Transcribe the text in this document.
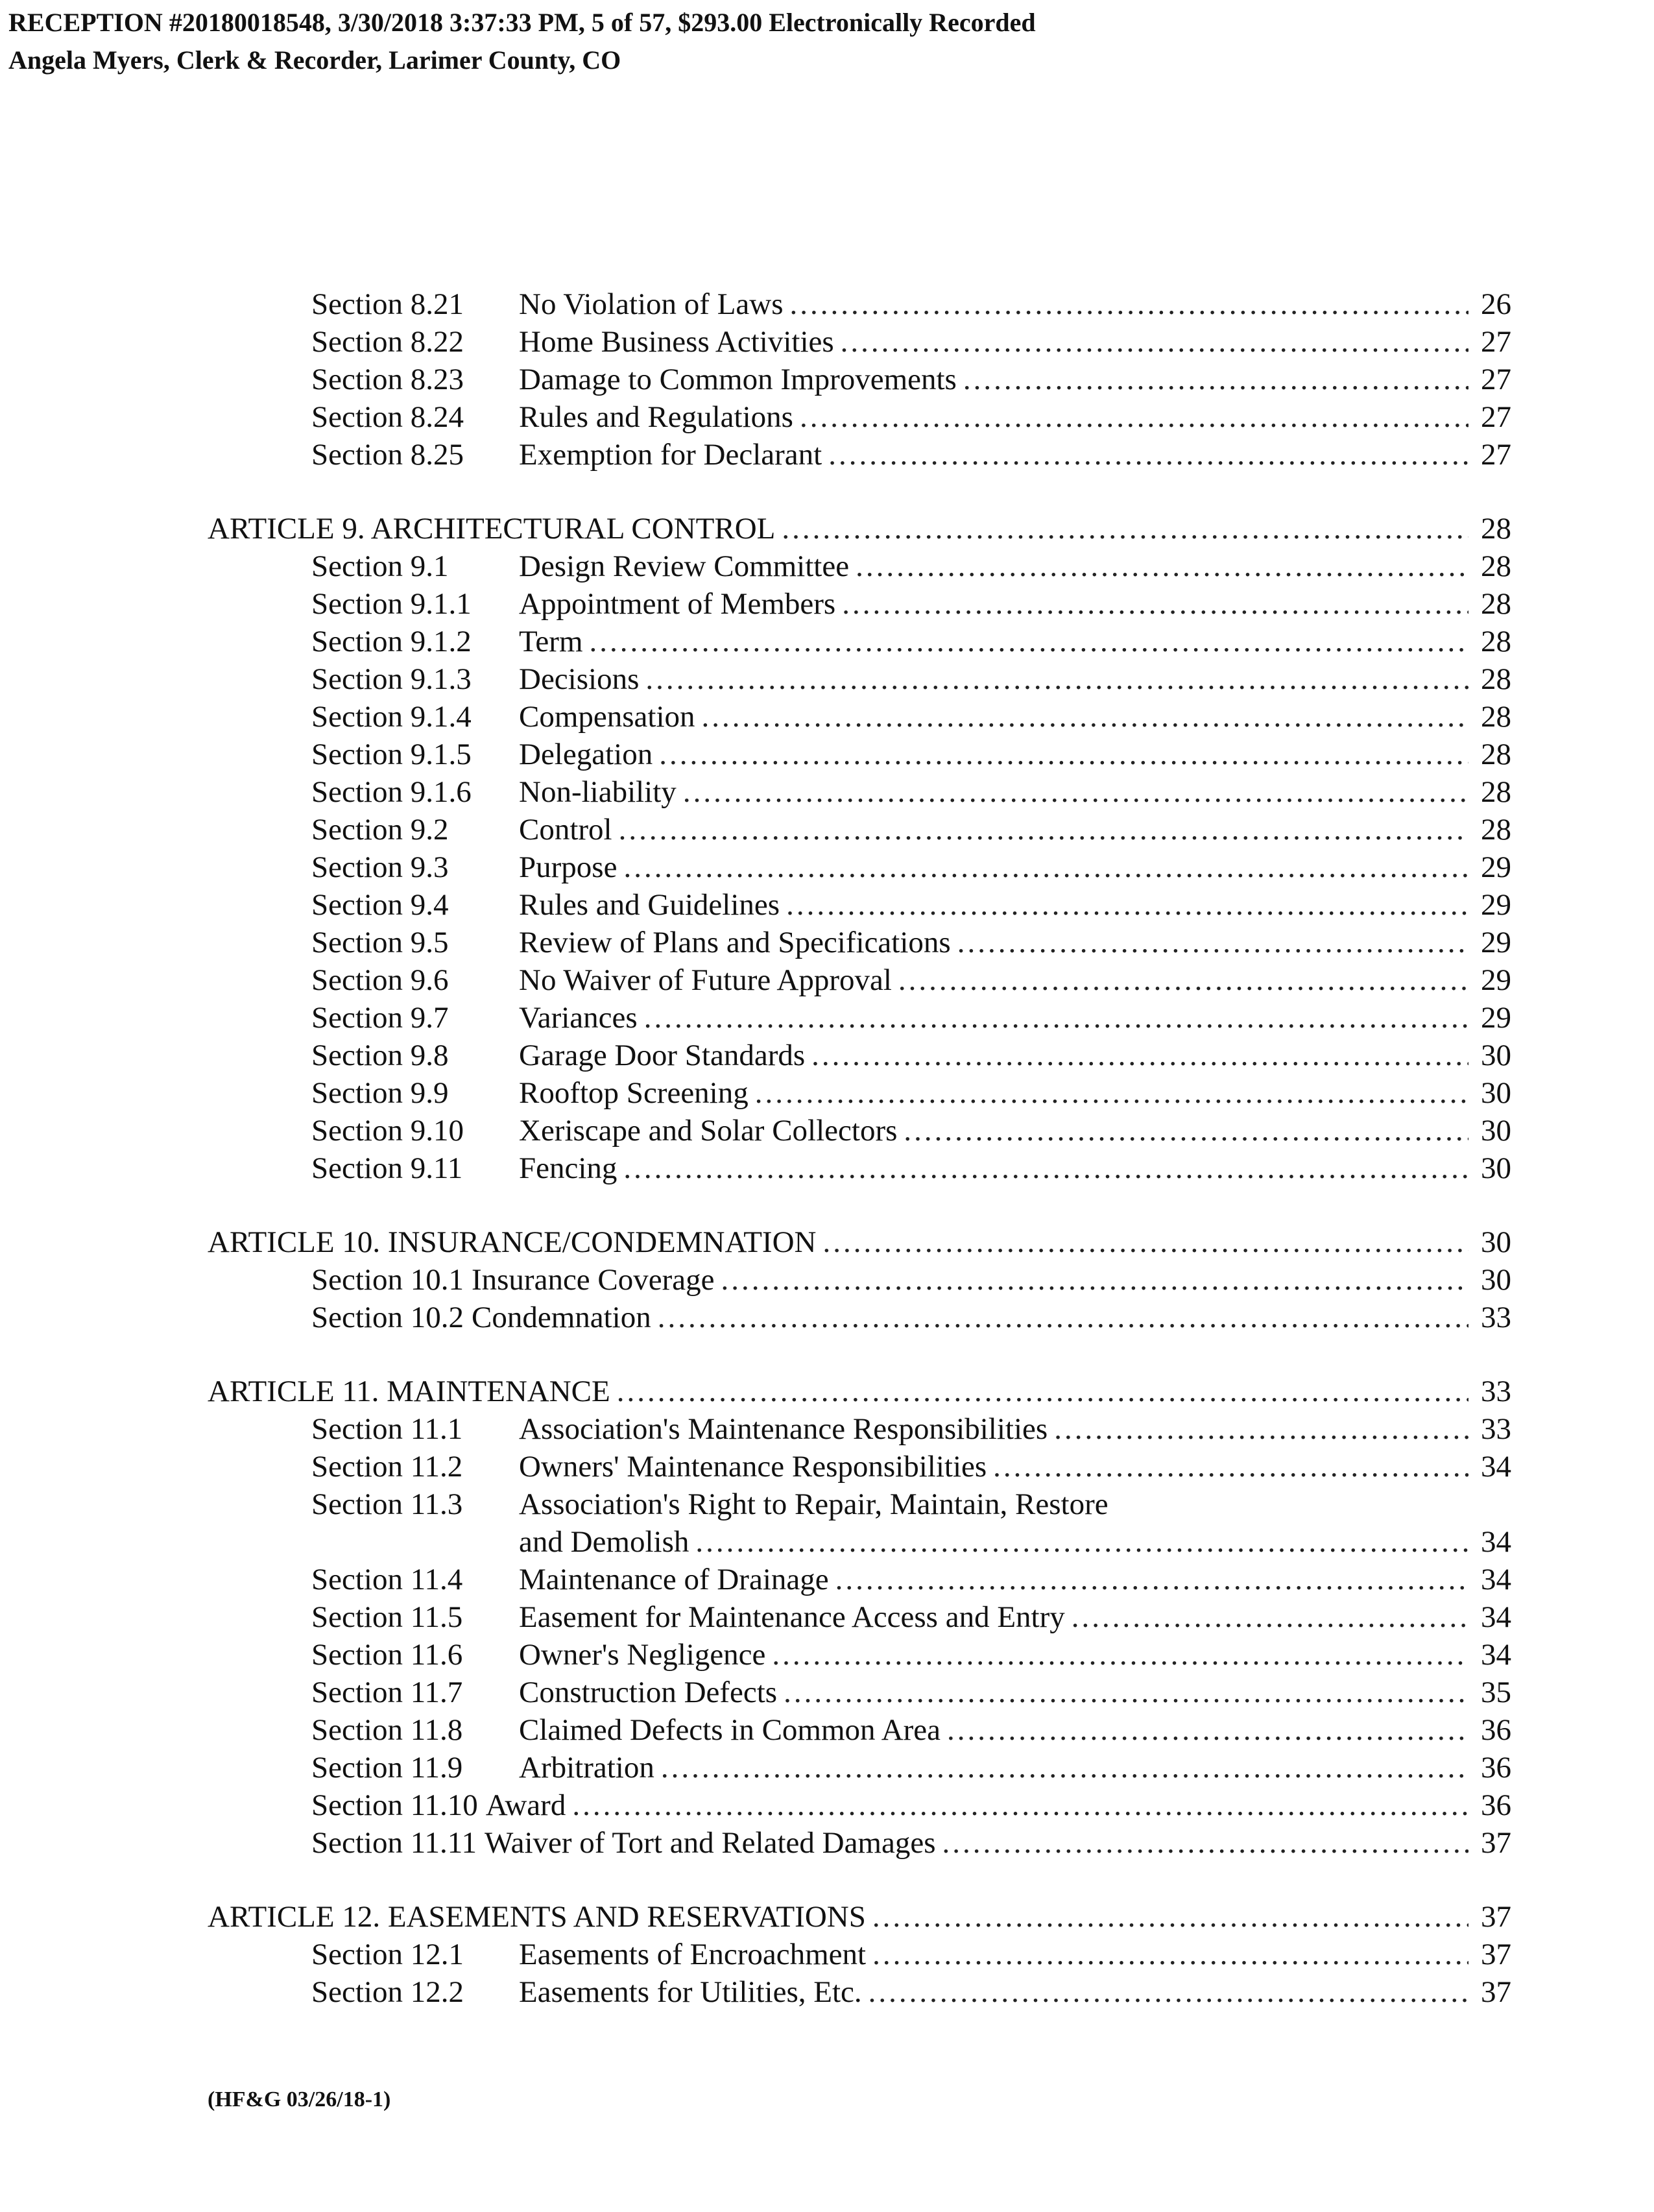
RECEPTION #20180018548, 3/30/2018 3:37:33 PM, 5 of 57, $293.00 Electronically Recorded
Angela Myers, Clerk & Recorder, Larimer County, CO
Section 8.21	No Violation of Laws .....	26
Section 8.22	Home Business Activities .....	27
Section 8.23	Damage to Common Improvements .....	27
Section 8.24	Rules and Regulations .....	27
Section 8.25	Exemption for Declarant .....	27
ARTICLE 9. ARCHITECTURAL CONTROL .....	28
Section 9.1	Design Review Committee .....	28
Section 9.1.1	Appointment of Members .....	28
Section 9.1.2	Term .....	28
Section 9.1.3	Decisions .....	28
Section 9.1.4	Compensation .....	28
Section 9.1.5	Delegation .....	28
Section 9.1.6	Non-liability .....	28
Section 9.2	Control .....	28
Section 9.3	Purpose .....	29
Section 9.4	Rules and Guidelines .....	29
Section 9.5	Review of Plans and Specifications .....	29
Section 9.6	No Waiver of Future Approval .....	29
Section 9.7	Variances .....	29
Section 9.8	Garage Door Standards .....	30
Section 9.9	Rooftop Screening .....	30
Section 9.10	Xeriscape and Solar Collectors .....	30
Section 9.11	Fencing .....	30
ARTICLE 10. INSURANCE/CONDEMNATION .....	30
Section 10.1 Insurance Coverage .....	30
Section 10.2 Condemnation .....	33
ARTICLE 11. MAINTENANCE .....	33
Section 11.1	Association's Maintenance Responsibilities .....	33
Section 11.2	Owners' Maintenance Responsibilities .....	34
Section 11.3	Association's Right to Repair, Maintain, Restore
and Demolish .....	34
Section 11.4	Maintenance of Drainage .....	34
Section 11.5	Easement for Maintenance Access and Entry .....	34
Section 11.6	Owner's Negligence .....	34
Section 11.7	Construction Defects .....	35
Section 11.8	Claimed Defects in Common Area .....	36
Section 11.9	Arbitration .....	36
Section 11.10 Award .....	36
Section 11.11 Waiver of Tort and Related Damages .....	37
ARTICLE 12. EASEMENTS AND RESERVATIONS .....	37
Section 12.1	Easements of Encroachment .....	37
Section 12.2	Easements for Utilities, Etc. .....	37
(HF&G 03/26/18-1)
